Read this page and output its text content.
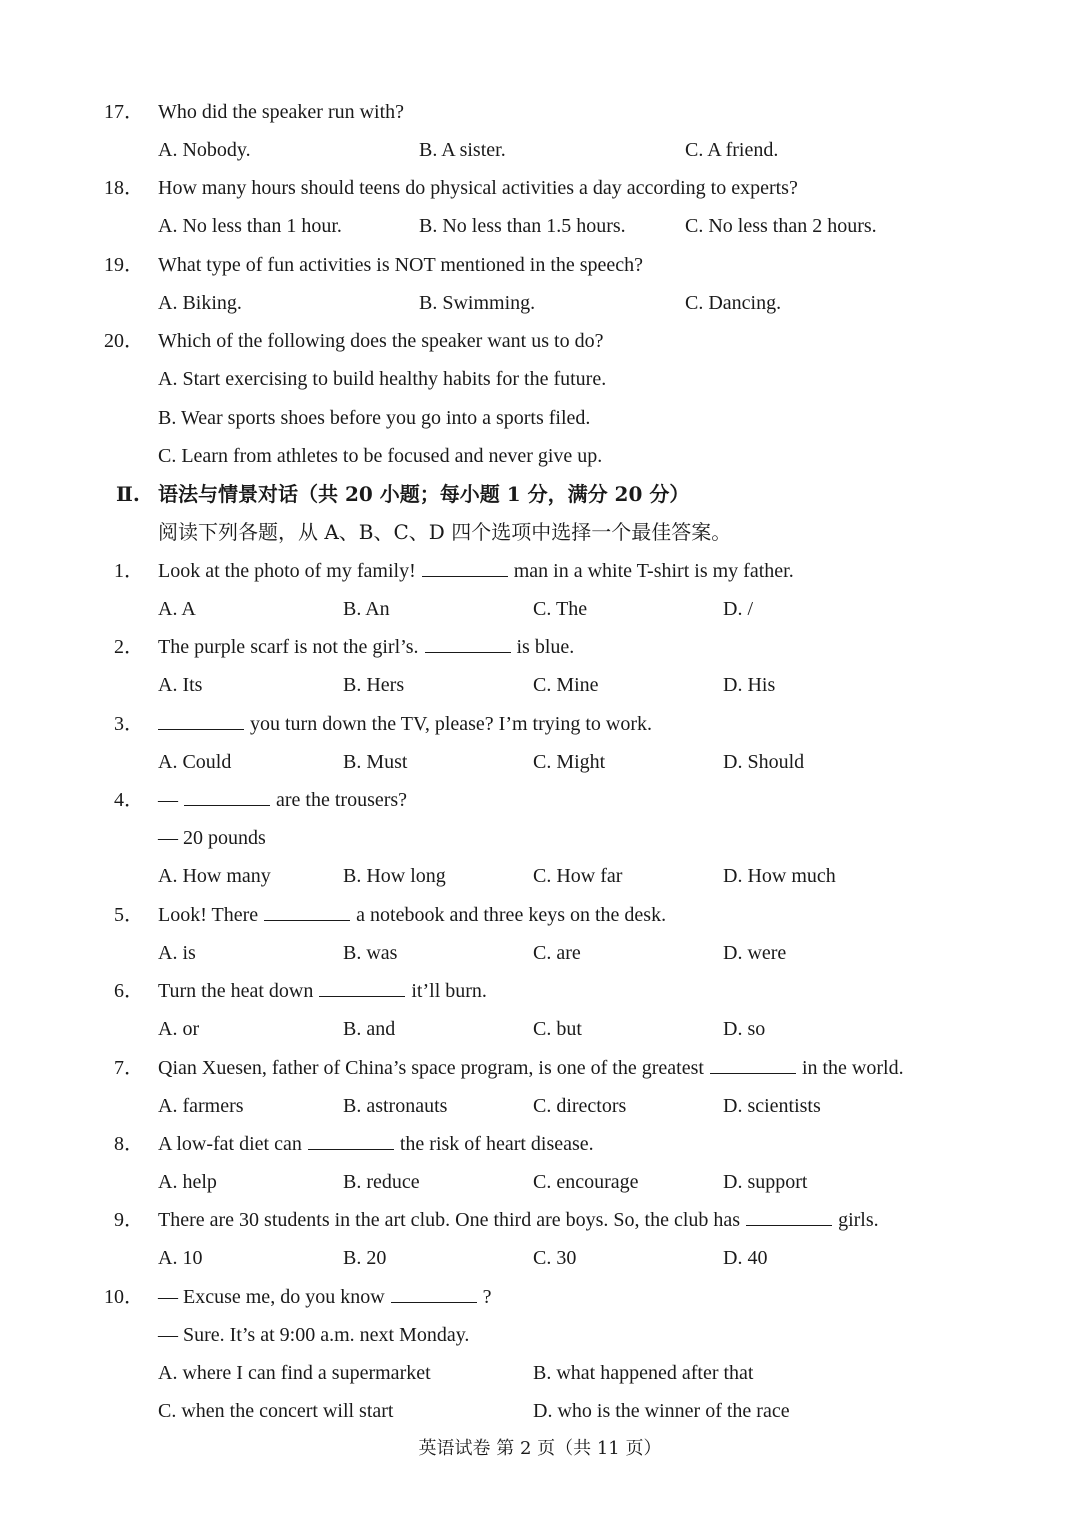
17． Who did the speaker run with?
A. Nobody.	B. A sister.	C. A friend.
18． How many hours should teens do physical activities a day according to experts?
A. No less than 1 hour.	B. No less than 1.5 hours.	C. No less than 2 hours.
19． What type of fun activities is NOT mentioned in the speech?
A. Biking.	B. Swimming.	C. Dancing.
20． Which of the following does the speaker want us to do?
A. Start exercising to build healthy habits for the future.
B. Wear sports shoes before you go into a sports filed.
C. Learn from athletes to be focused and never give up.
Ⅱ. 语法与情景对话（共 20 小题；每小题 1 分，满分 20 分）
阅读下列各题，从 A、B、C、D 四个选项中选择一个最佳答案。
1． Look at the photo of my family!	man in a white T-shirt is my father.
A. A	B. An	C. The	D. /
2． The purple scarf is not the girl’s.	is blue.
A. Its	B. Hers	C. Mine	D. His
3．	you turn down the TV, please? I’m trying to work.
A. Could	B. Must	C. Might	D. Should
4． —	are the trousers?
— 20 pounds
A. How many	B. How long	C. How far	D. How much
5． Look! There	a notebook and three keys on the desk.
A. is	B. was	C. are	D. were
6． Turn the heat down	it’ll burn.
A. or	B. and	C. but	D. so
7． Qian Xuesen, father of China’s space program, is one of the greatest	in the world.
A. farmers	B. astronauts	C. directors	D. scientists
8． A low-fat diet can	the risk of heart disease.
A. help	B. reduce	C. encourage	D. support
9． There are 30 students in the art club. One third are boys. So, the club has	girls.
A. 10	B. 20	C. 30	D. 40
10． — Excuse me, do you know	?
— Sure. It’s at 9:00 a.m. next Monday.
A. where I can find a supermarket	B. what happened after that
C. when the concert will start	D. who is the winner of the race
英语试卷 第 2 页（共 11 页）
